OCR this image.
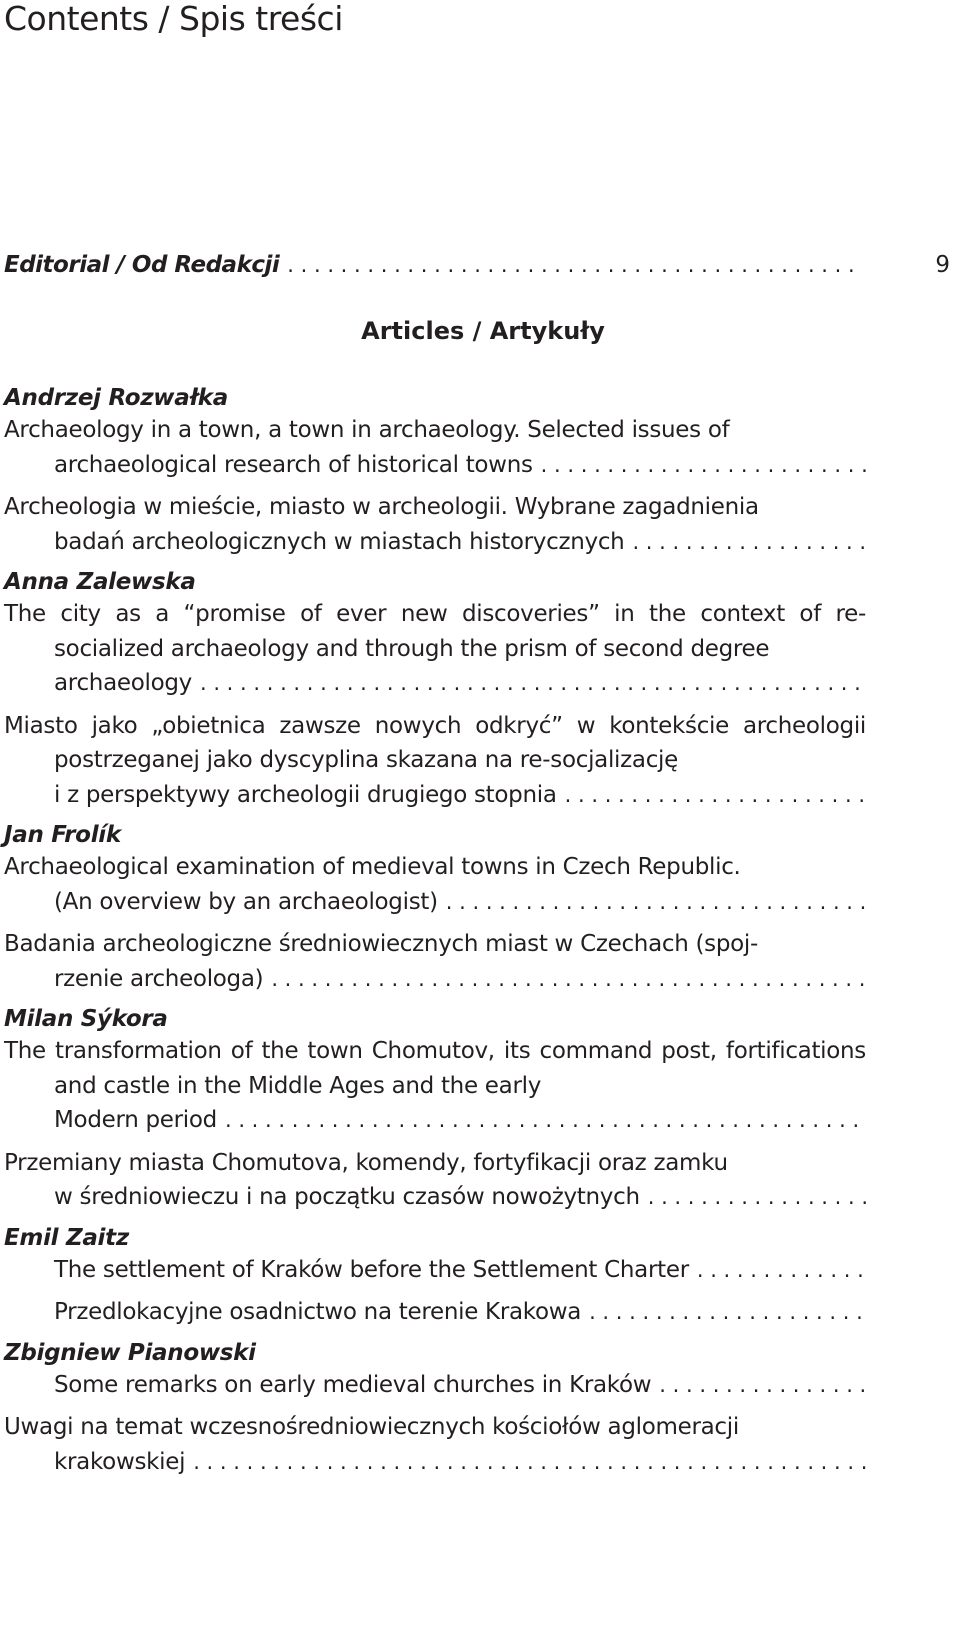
Contents / Spis treści
Editorial / Od Redakcji
. . .	9
Articles / Artykuły

Andrzej Rozwałka

Archaeology in a town, a town in archaeology. Selected issues of
archaeological research of historical towns
. . .
Archeologia w mieście, miasto w archeologii. Wybrane zagadnienia
badań archeologicznych w miastach historycznych
. . .

Anna Zalewska

The city as a “promise of ever new discoveries” in the context of re-socialized archaeology and through the prism of second degree
archaeology
. . .
Miasto jako „obietnica zawsze nowych odkryć” w kontekście archeologii postrzeganej jako dyscyplina skazana na re-socjalizację
i z perspektywy archeologii drugiego stopnia
. . .

Jan Frolík

Archaeological examination of medieval towns in Czech Republic.
(An overview by an archaeologist)
. . .
Badania archeologiczne średniowiecznych miast w Czechach (spoj-
rzenie archeologa)
. . .

Milan Sýkora

The transformation of the town Chomutov, its command post, fortifications and castle in the Middle Ages and the early
Modern period
. . .
Przemiany miasta Chomutova, komendy, fortyfikacji oraz zamku
w średniowieczu i na początku czasów nowożytnych
. . .

Emil Zaitz

The settlement of Kraków before the Settlement Charter
. . .
Przedlokacyjne osadnictwo na terenie Krakowa
. . .

Zbigniew Pianowski

Some remarks on early medieval churches in Kraków
. . .
Uwagi na temat wczesnośredniowiecznych kościołów aglomeracji
krakowskiej
. . .
